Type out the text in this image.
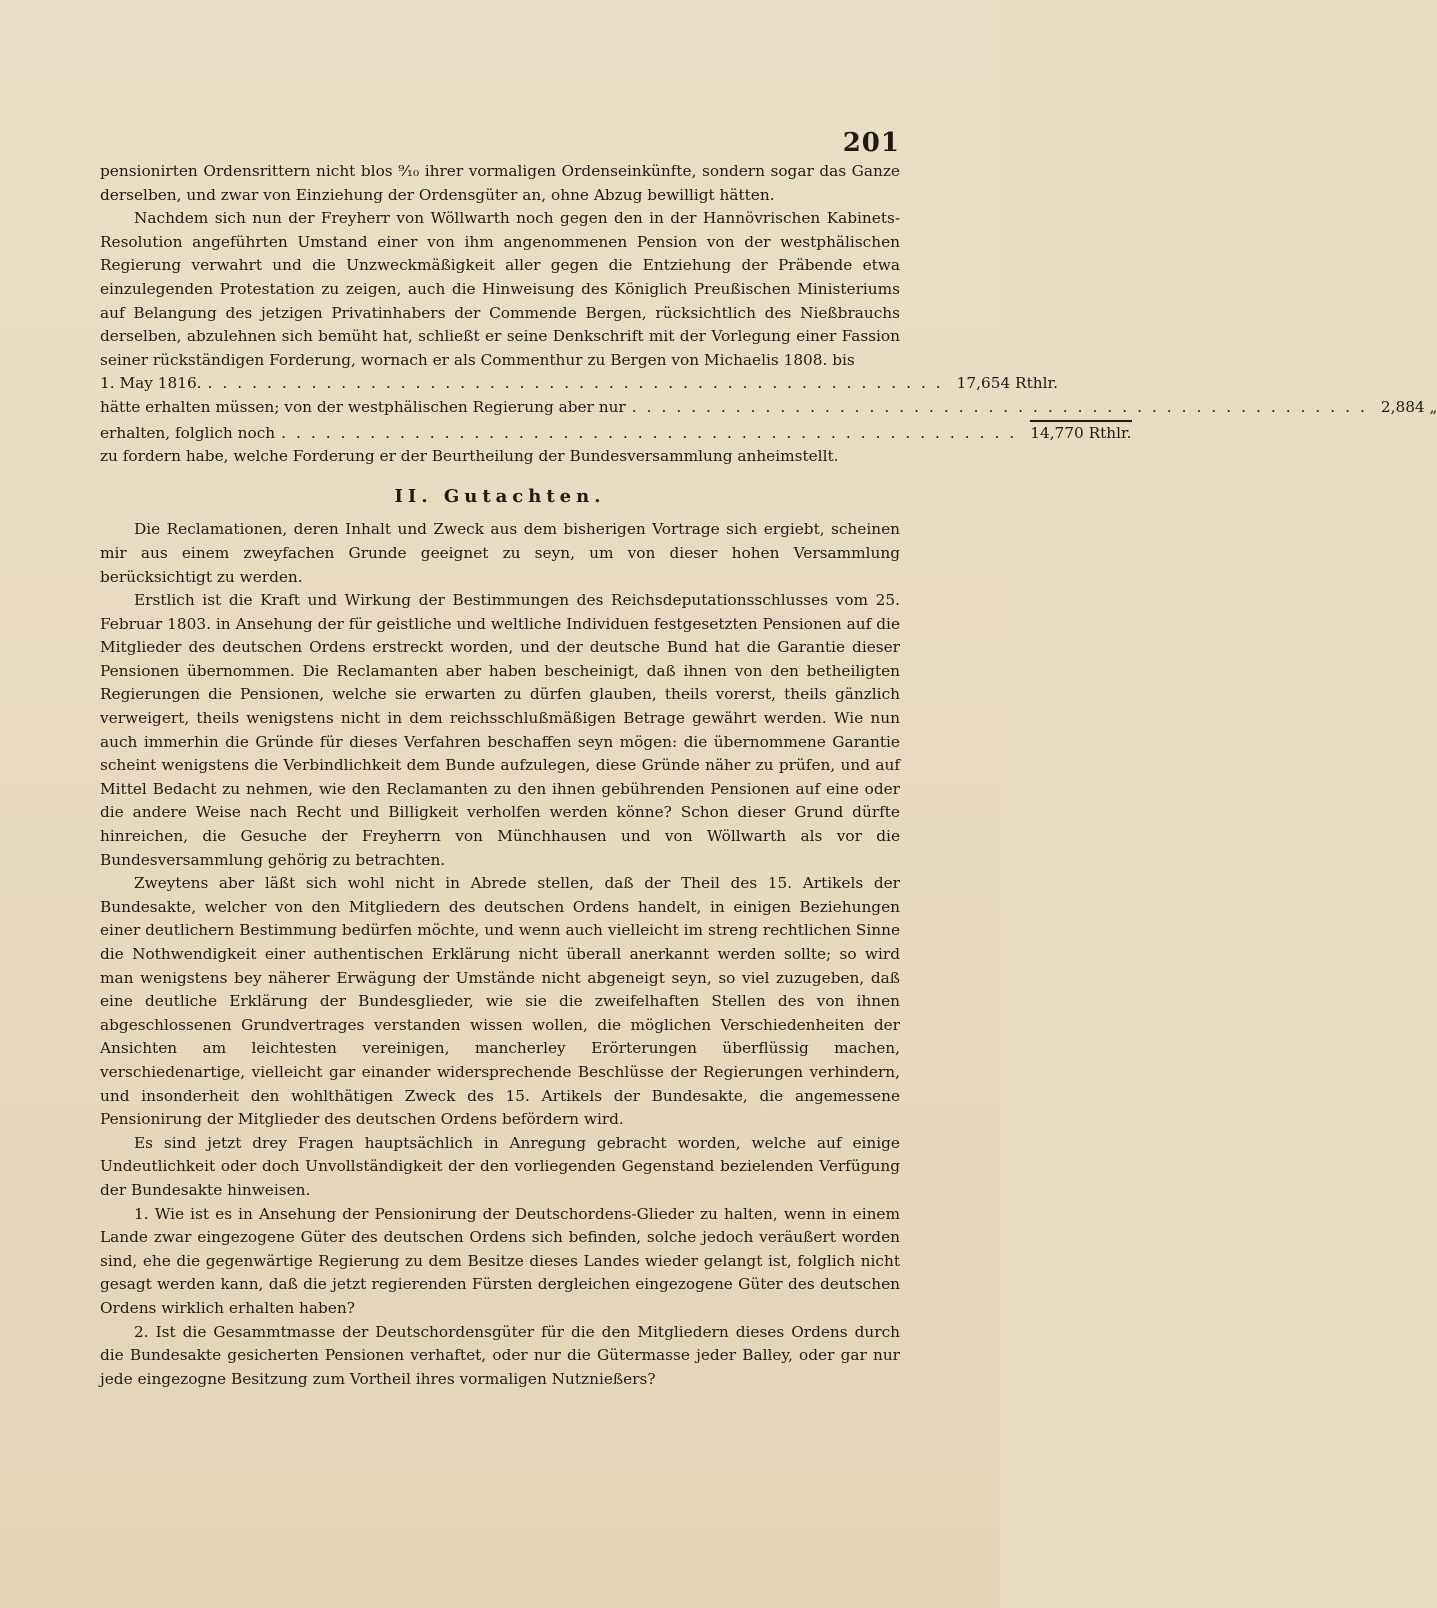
201

pensionirten Ordensrittern nicht blos ⁹⁄₁₀ ihrer vormaligen Ordenseinkünfte, sondern sogar das Ganze derselben, und zwar von Einziehung der Ordensgüter an, ohne Abzug bewilligt hätten.

Nachdem sich nun der Freyherr von Wöllwarth noch gegen den in der Hannövrischen Kabinets-Resolution angeführten Umstand einer von ihm angenommenen Pension von der westphälischen Regierung verwahrt und die Unzweckmäßigkeit aller gegen die Entziehung der Präbende etwa einzulegenden Protestation zu zeigen, auch die Hinweisung des Königlich Preußischen Ministeriums auf Belangung des jetzigen Privatinhabers der Commende Bergen, rücksichtlich des Nießbrauchs derselben, abzulehnen sich bemüht hat, schließt er seine Denkschrift mit der Vorlegung einer Fassion seiner rückständigen Forderung, wornach er als Commenthur zu Bergen von Michaelis 1808. bis

1. May 1816. .................................................. 17,654 Rthlr.
hätte erhalten müssen; von der westphälischen Regierung aber nur .................................................. 2,884 „
erhalten, folglich noch .................................................. 14,770 Rthlr.

zu fordern habe, welche Forderung er der Beurtheilung der Bundesversammlung anheimstellt.

II. Gutachten.

Die Reclamationen, deren Inhalt und Zweck aus dem bisherigen Vortrage sich ergiebt, scheinen mir aus einem zweyfachen Grunde geeignet zu seyn, um von dieser hohen Versammlung berücksichtigt zu werden.

Erstlich ist die Kraft und Wirkung der Bestimmungen des Reichsdeputationsschlusses vom 25. Februar 1803. in Ansehung der für geistliche und weltliche Individuen festgesetzten Pensionen auf die Mitglieder des deutschen Ordens erstreckt worden, und der deutsche Bund hat die Garantie dieser Pensionen übernommen. Die Reclamanten aber haben bescheinigt, daß ihnen von den betheiligten Regierungen die Pensionen, welche sie erwarten zu dürfen glauben, theils vorerst, theils gänzlich verweigert, theils wenigstens nicht in dem reichsschlußmäßigen Betrage gewährt werden. Wie nun auch immerhin die Gründe für dieses Verfahren beschaffen seyn mögen: die übernommene Garantie scheint wenigstens die Verbindlichkeit dem Bunde aufzulegen, diese Gründe näher zu prüfen, und auf Mittel Bedacht zu nehmen, wie den Reclamanten zu den ihnen gebührenden Pensionen auf eine oder die andere Weise nach Recht und Billigkeit verholfen werden könne? Schon dieser Grund dürfte hinreichen, die Gesuche der Freyherrn von Münchhausen und von Wöllwarth als vor die Bundesversammlung gehörig zu betrachten.

Zweytens aber läßt sich wohl nicht in Abrede stellen, daß der Theil des 15. Artikels der Bundesakte, welcher von den Mitgliedern des deutschen Ordens handelt, in einigen Beziehungen einer deutlichern Bestimmung bedürfen möchte, und wenn auch vielleicht im streng rechtlichen Sinne die Nothwendigkeit einer authentischen Erklärung nicht überall anerkannt werden sollte; so wird man wenigstens bey näherer Erwägung der Umstände nicht abgeneigt seyn, so viel zuzugeben, daß eine deutliche Erklärung der Bundesglieder, wie sie die zweifelhaften Stellen des von ihnen abgeschlossenen Grundvertrages verstanden wissen wollen, die möglichen Verschiedenheiten der Ansichten am leichtesten vereinigen, mancherley Erörterungen überflüssig machen, verschiedenartige, vielleicht gar einander widersprechende Beschlüsse der Regierungen verhindern, und insonderheit den wohlthätigen Zweck des 15. Artikels der Bundesakte, die angemessene Pensionirung der Mitglieder des deutschen Ordens befördern wird.

Es sind jetzt drey Fragen hauptsächlich in Anregung gebracht worden, welche auf einige Undeutlichkeit oder doch Unvollständigkeit der den vorliegenden Gegenstand bezielenden Verfügung der Bundesakte hinweisen.

1. Wie ist es in Ansehung der Pensionirung der Deutschordens-Glieder zu halten, wenn in einem Lande zwar eingezogene Güter des deutschen Ordens sich befinden, solche jedoch veräußert worden sind, ehe die gegenwärtige Regierung zu dem Besitze dieses Landes wieder gelangt ist, folglich nicht gesagt werden kann, daß die jetzt regierenden Fürsten dergleichen eingezogene Güter des deutschen Ordens wirklich erhalten haben?

2. Ist die Gesammtmasse der Deutschordensgüter für die den Mitgliedern dieses Ordens durch die Bundesakte gesicherten Pensionen verhaftet, oder nur die Gütermasse jeder Balley, oder gar nur jede eingezogne Besitzung zum Vortheil ihres vormaligen Nutznießers?
